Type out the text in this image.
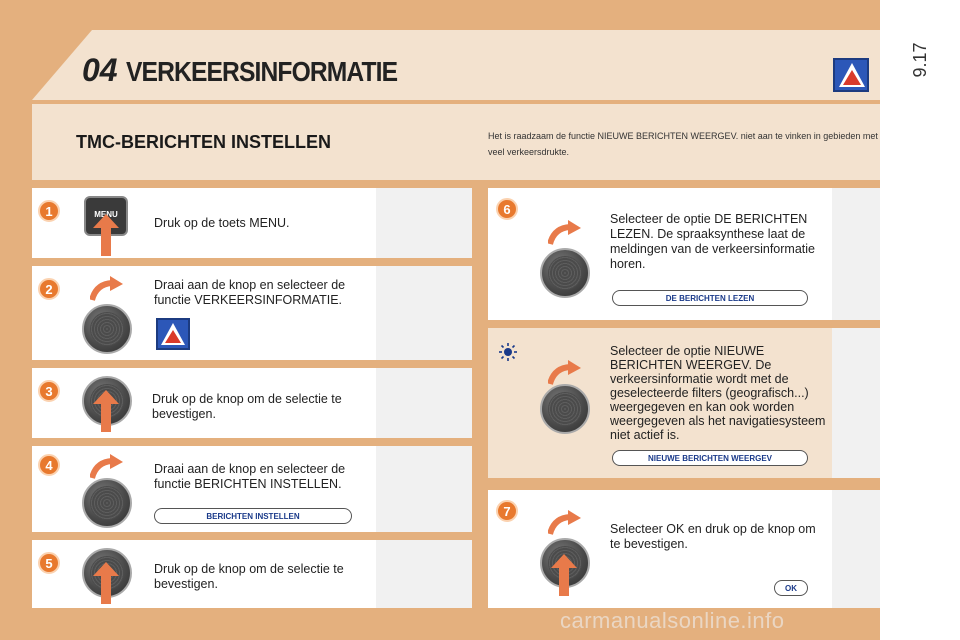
9.17
04 VERKEERSINFORMATIE
TMC-BERICHTEN INSTELLEN	Het is raadzaam de functie NIEUWE BERICHTEN WEERGEV. niet aan te vinken in gebieden met veel verkeersdrukte.
1
Druk op de toets MENU.
2	Draai aan de knop en selecteer de functie VERKEERSINFORMATIE.
3
Druk op de knop om de selectie te bevestigen.
4	Draai aan de knop en selecteer de functie BERICHTEN INSTELLEN.
BERICHTEN INSTELLEN
5	Druk op de knop om de selectie te bevestigen.
6
Selecteer de optie DE BERICHTEN LEZEN. De spraaksynthese laat de meldingen van de verkeersinformatie horen.
DE BERICHTEN LEZEN
Selecteer de optie NIEUWE BERICHTEN WEERGEV. De verkeersinformatie wordt met de geselecteerde filters (geografisch...) weergegeven en kan ook worden weergegeven als het navigatiesysteem niet actief is.
NIEUWE BERICHTEN WEERGEV
7
Selecteer OK en druk op de knop om te bevestigen.
OK
carmanualsonline.info
